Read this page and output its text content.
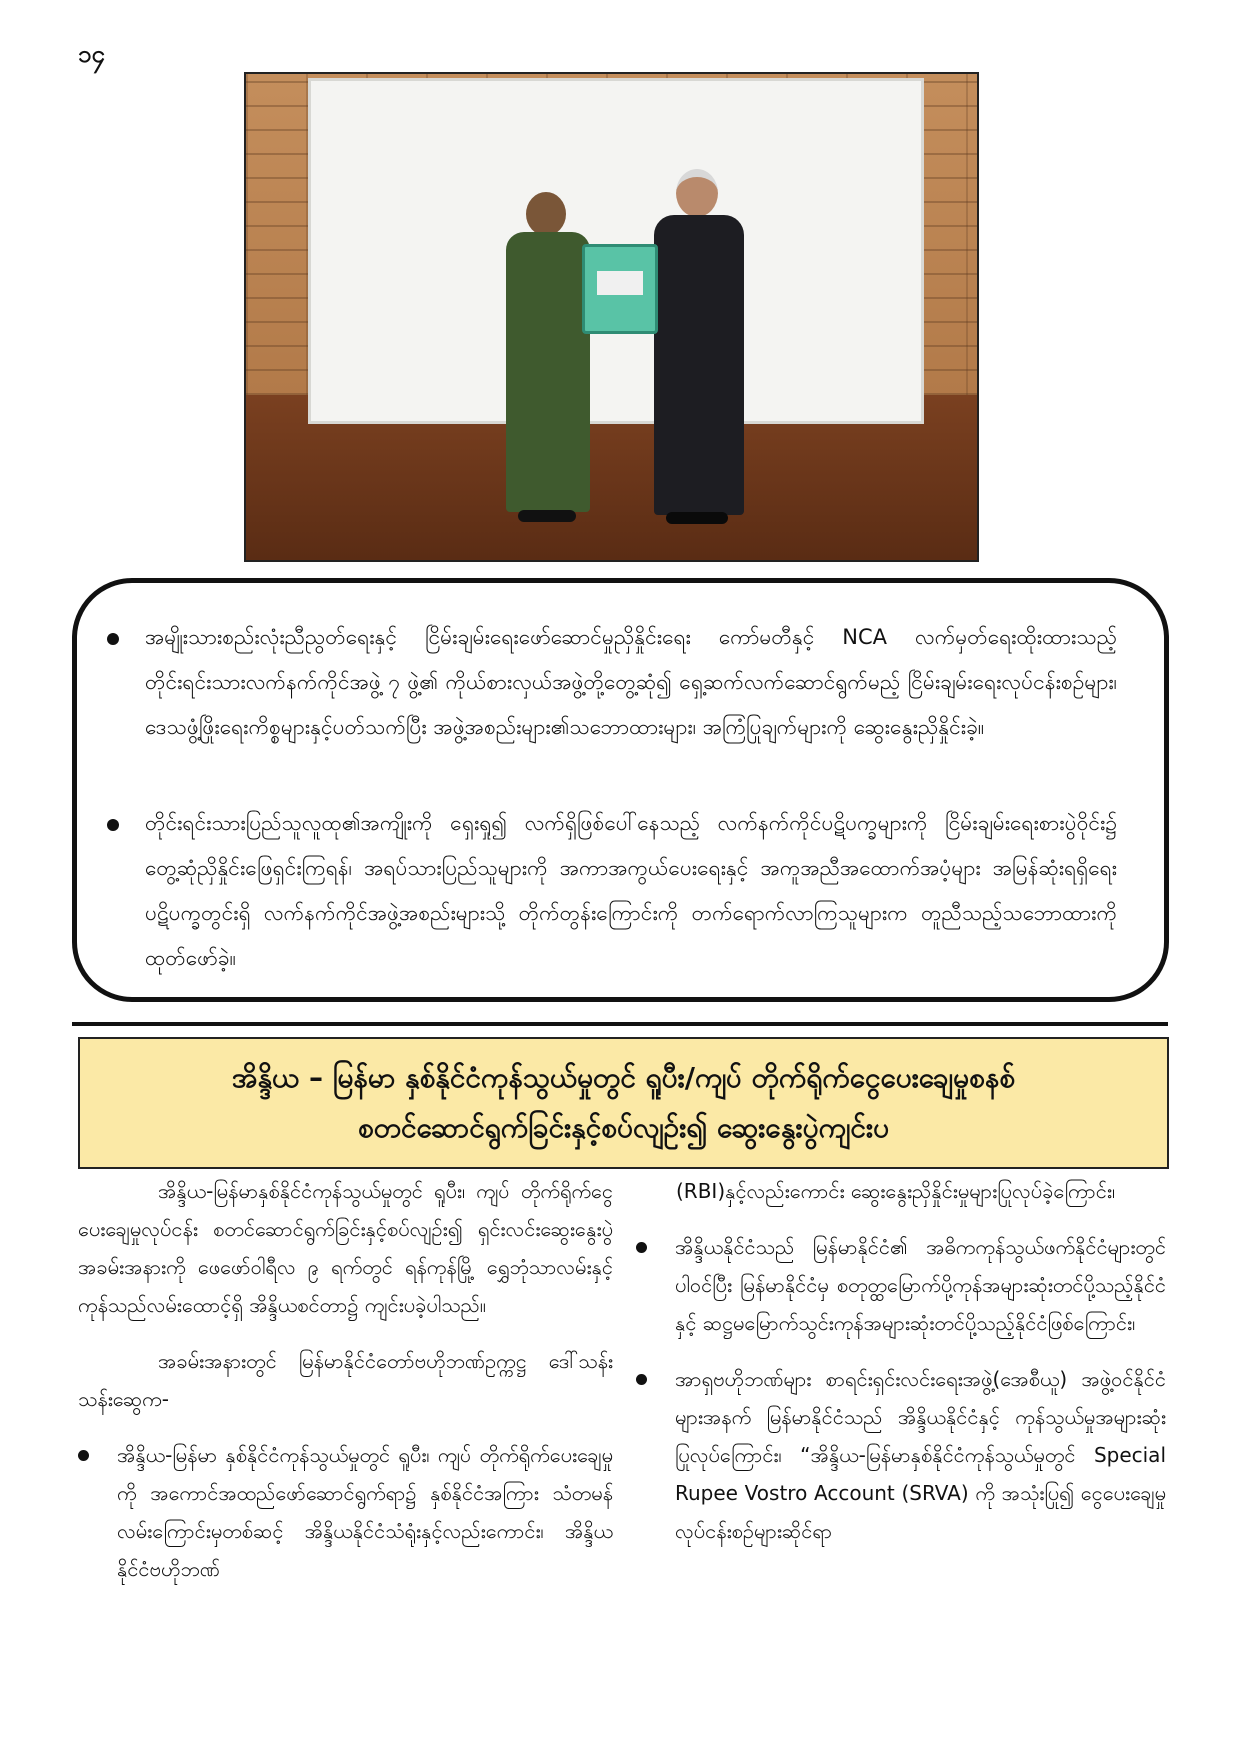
၁၄

အမျိုးသားစည်းလုံးညီညွတ်ရေးနှင့် ငြိမ်းချမ်းရေးဖော်ဆောင်မှုညှိနှိုင်းရေး ကော်မတီနှင့် NCA လက်မှတ်ရေးထိုးထားသည့် တိုင်းရင်းသားလက်နက်ကိုင်အဖွဲ့ ၇ ဖွဲ့၏ ကိုယ်စားလှယ်အဖွဲ့တို့တွေ့ဆုံ၍ ရှေ့ဆက်လက်ဆောင်ရွက်မည့် ငြိမ်းချမ်းရေးလုပ်ငန်းစဉ်များ၊ ဒေသဖွံ့ဖြိုးရေးကိစ္စများနှင့်ပတ်သက်ပြီး အဖွဲ့အစည်းများ၏သဘောထားများ၊ အကြံပြုချက်များကို ဆွေးနွေးညှိနှိုင်းခဲ့။

တိုင်းရင်းသားပြည်သူလူထု၏အကျိုးကို ရှေးရှု၍ လက်ရှိဖြစ်ပေါ်နေသည့် လက်နက်ကိုင်ပဋိပက္ခများကို ငြိမ်းချမ်းရေးစားပွဲဝိုင်း၌ တွေ့ဆုံညှိနှိုင်းဖြေရှင်းကြရန်၊ အရပ်သားပြည်သူများကို အကာအကွယ်ပေးရေးနှင့် အကူအညီအထောက်အပံ့များ အမြန်ဆုံးရရှိရေး ပဋိပက္ခတွင်းရှိ လက်နက်ကိုင်အဖွဲ့အစည်းများသို့ တိုက်တွန်းကြောင်းကို တက်ရောက်လာကြသူများက တူညီသည့်သဘောထားကို ထုတ်ဖော်ခဲ့။

အိန္ဒိယ – မြန်မာ နှစ်နိုင်ငံကုန်သွယ်မှုတွင် ရူပီး/ကျပ် တိုက်ရိုက်ငွေပေးချေမှုစနစ်
စတင်ဆောင်ရွက်ခြင်းနှင့်စပ်လျဉ်း၍ ဆွေးနွေးပွဲကျင်းပ

အိန္ဒိယ-မြန်မာနှစ်နိုင်ငံကုန်သွယ်မှုတွင် ရူပီး၊ ကျပ် တိုက်ရိုက်ငွေပေးချေမှုလုပ်ငန်း စတင်ဆောင်ရွက်ခြင်းနှင့်စပ်လျဉ်း၍ ရှင်းလင်းဆွေးနွေးပွဲအခမ်းအနားကို ဖေဖော်ဝါရီလ ၉ ရက်တွင် ရန်ကုန်မြို့ ရွှေဘုံသာလမ်းနှင့် ကုန်သည်လမ်းထောင့်ရှိ အိန္ဒိယစင်တာ၌ ကျင်းပခဲ့ပါသည်။

အခမ်းအနားတွင် မြန်မာနိုင်ငံတော်ဗဟိုဘဏ်ဥက္ကဋ္ဌ ဒေါ်သန်းသန်းဆွေက-

အိန္ဒိယ-မြန်မာ နှစ်နိုင်ငံကုန်သွယ်မှုတွင် ရူပီး၊ ကျပ် တိုက်ရိုက်ပေးချေမှုကို အကောင်အထည်ဖော်ဆောင်ရွက်ရာ၌ နှစ်နိုင်ငံအကြား သံတမန်လမ်းကြောင်းမှတစ်ဆင့် အိန္ဒိယနိုင်ငံသံရုံးနှင့်လည်းကောင်း၊ အိန္ဒိယနိုင်ငံဗဟိုဘဏ်

(RBI)နှင့်လည်းကောင်း ဆွေးနွေးညှိနှိုင်းမှုများပြုလုပ်ခဲ့ကြောင်း၊

အိန္ဒိယနိုင်ငံသည် မြန်မာနိုင်ငံ၏ အဓိကကုန်သွယ်ဖက်နိုင်ငံများတွင်ပါဝင်ပြီး မြန်မာနိုင်ငံမှ စတုတ္ထမြောက်ပို့ကုန်အများဆုံးတင်ပို့သည့်နိုင်ငံနှင့် ဆဋ္ဌမမြောက်သွင်းကုန်အများဆုံးတင်ပို့သည့်နိုင်ငံဖြစ်ကြောင်း၊

အာရှဗဟိုဘဏ်များ စာရင်းရှင်းလင်းရေးအဖွဲ့(အေစီယူ) အဖွဲ့ဝင်နိုင်ငံများအနက် မြန်မာနိုင်ငံသည် အိန္ဒိယနိုင်ငံနှင့် ကုန်သွယ်မှုအများဆုံးပြုလုပ်ကြောင်း၊ “အိန္ဒိယ-မြန်မာနှစ်နိုင်ငံကုန်သွယ်မှုတွင် Special Rupee Vostro Account (SRVA) ကို အသုံးပြု၍ ငွေပေးချေမှုလုပ်ငန်းစဉ်များဆိုင်ရာ
